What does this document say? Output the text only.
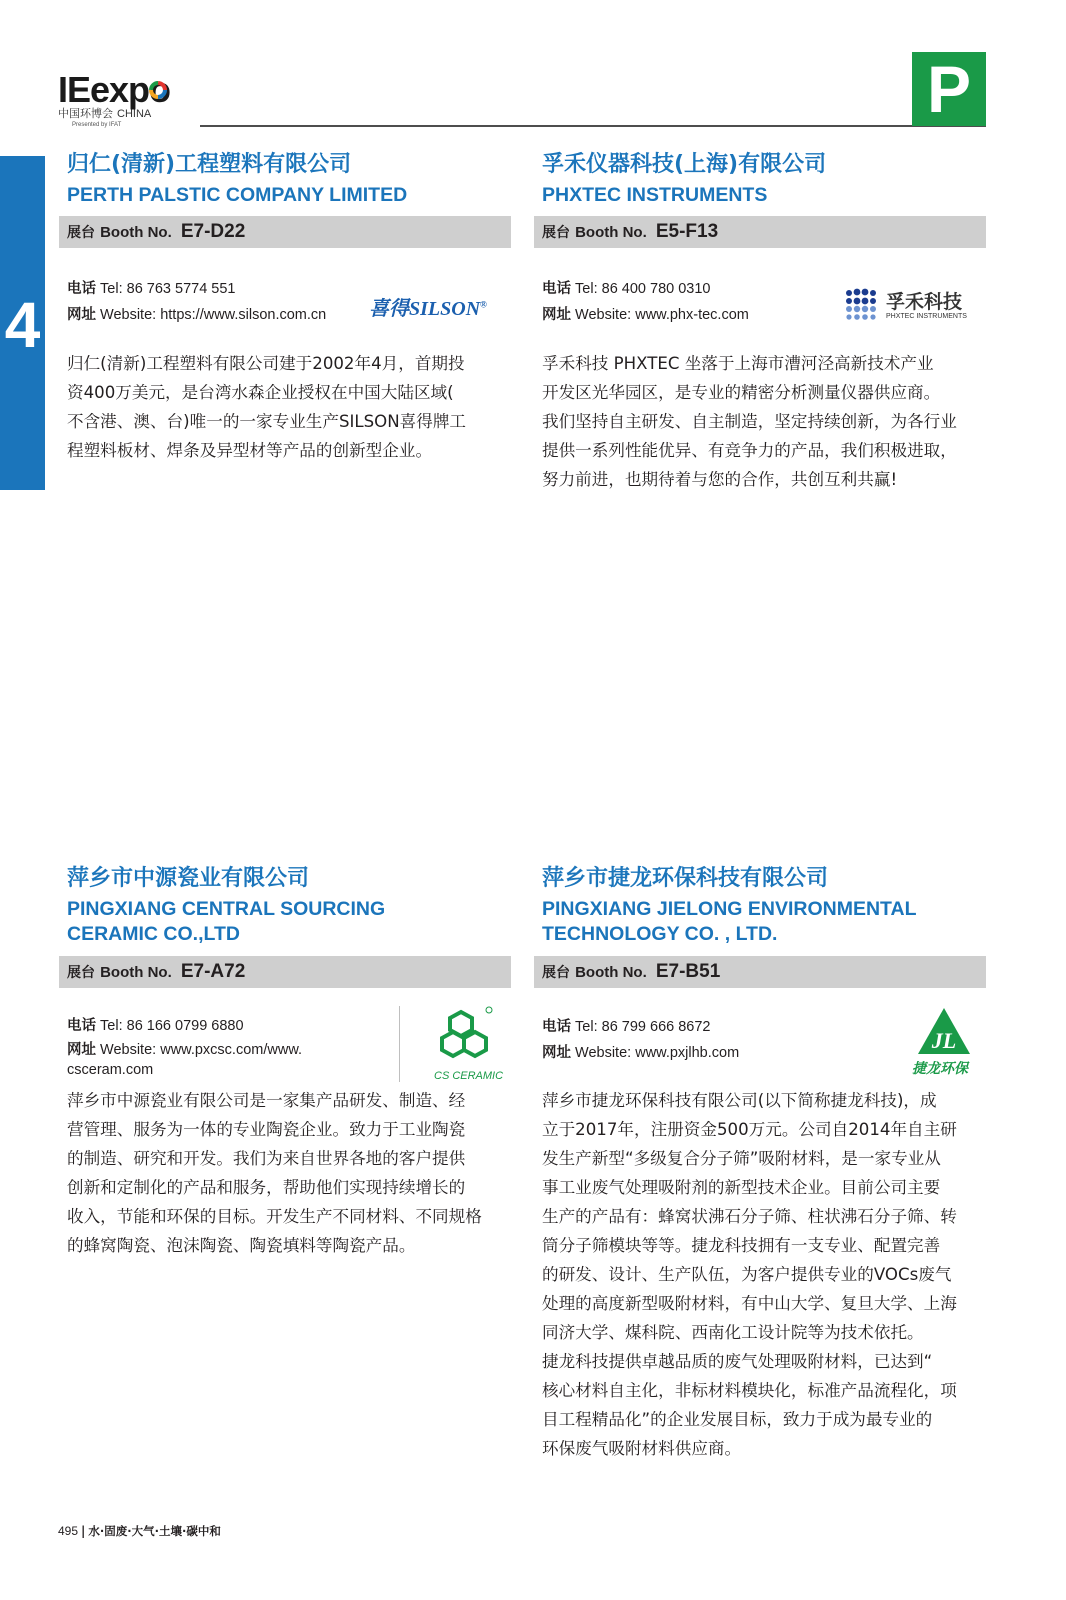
IEexpo
中国环博会 CHINA
Presented by IFAT	P
4
归仁(清新)工程塑料有限公司
PERTH PALSTIC COMPANY LIMITED
展台 Booth No. E7-D22
电话 Tel: 86 763 5774 551
网址 Website: https://www.silson.com.cn 喜得SILSON®
归仁(清新)工程塑料有限公司建于2002年4月，首期投
资400万美元，是台湾水森企业授权在中国大陆区域(
不含港、澳、台)唯一的一家专业生产SILSON喜得牌工
程塑料板材、焊条及异型材等产品的创新型企业。
孚禾仪器科技(上海)有限公司
PHXTEC INSTRUMENTS
展台 Booth No. E5-F13
电话 Tel: 86 400 780 0310
网址 Website: www.phx-tec.com
孚禾科技
PHXTEC INSTRUMENTS
孚禾科技 PHXTEC 坐落于上海市漕河泾高新技术产业
开发区光华园区，是专业的精密分析测量仪器供应商。
我们坚持自主研发、自主制造，坚定持续创新，为各行业
提供一系列性能优异、有竞争力的产品，我们积极进取，
努力前进，也期待着与您的合作，共创互利共赢!
萍乡市中源瓷业有限公司
PINGXIANG CENTRAL SOURCING
CERAMIC CO.,LTD
展台 Booth No. E7-A72
电话 Tel: 86 166 0799 6880
网址 Website: www.pxcsc.com/www.
csceram.com	CS CERAMIC
萍乡市中源瓷业有限公司是一家集产品研发、制造、经
营管理、服务为一体的专业陶瓷企业。致力于工业陶瓷
的制造、研究和开发。我们为来自世界各地的客户提供
创新和定制化的产品和服务，帮助他们实现持续增长的
收入，节能和环保的目标。开发生产不同材料、不同规格
的蜂窝陶瓷、泡沫陶瓷、陶瓷填料等陶瓷产品。
萍乡市捷龙环保科技有限公司
PINGXIANG JIELONG ENVIRONMENTAL
TECHNOLOGY CO. , LTD.
展台 Booth No. E7-B51
电话 Tel: 86 799 666 8672
网址 Website: www.pxjlhb.com	JL
捷龙环保
萍乡市捷龙环保科技有限公司(以下简称捷龙科技)，成
立于2017年，注册资金500万元。公司自2014年自主研
发生产新型“多级复合分子筛”吸附材料，是一家专业从
事工业废气处理吸附剂的新型技术企业。目前公司主要
生产的产品有：蜂窝状沸石分子筛、柱状沸石分子筛、转
筒分子筛模块等等。捷龙科技拥有一支专业、配置完善
的研发、设计、生产队伍，为客户提供专业的VOCs废气
处理的高度新型吸附材料，有中山大学、复旦大学、上海
同济大学、煤科院、西南化工设计院等为技术依托。
捷龙科技提供卓越品质的废气处理吸附材料，已达到“
核心材料自主化，非标材料模块化，标准产品流程化，项
目工程精品化”的企业发展目标，致力于成为最专业的
环保废气吸附材料供应商。
495 | 水·固废·大气·土壤·碳中和
